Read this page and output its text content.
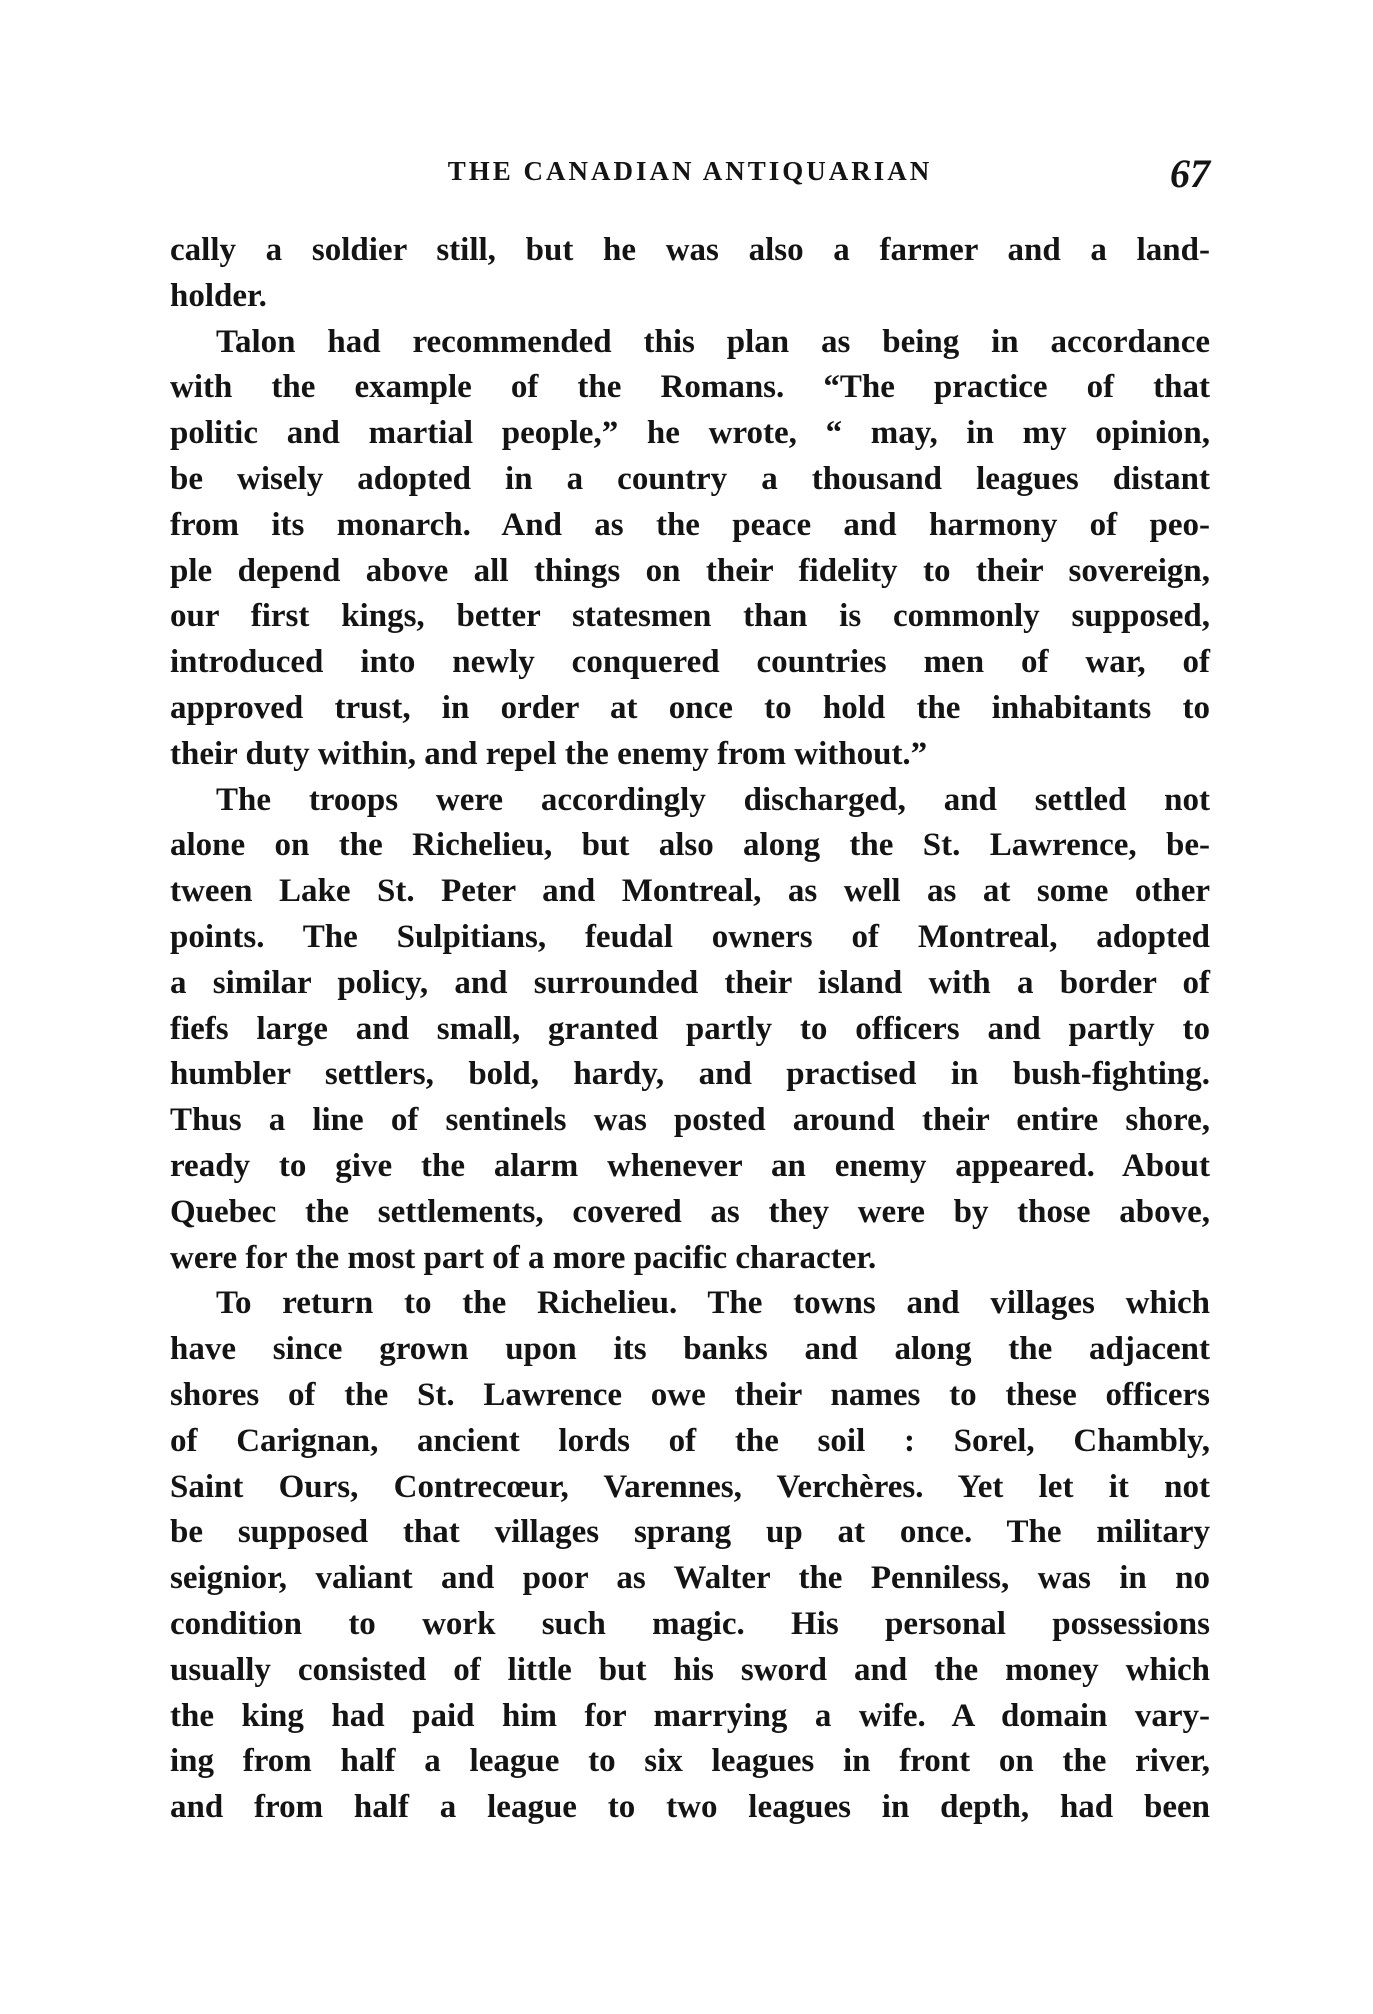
THE CANADIAN ANTIQUARIAN	67
cally a soldier still, but he was also a farmer and a land-
holder.
Talon had recommended this plan as being in accordance
with the example of the Romans. “The practice of that
politic and martial people,” he wrote, “ may, in my opinion,
be wisely adopted in a country a thousand leagues distant
from its monarch. And as the peace and harmony of peo-
ple depend above all things on their fidelity to their sovereign,
our first kings, better statesmen than is commonly supposed,
introduced into newly conquered countries men of war, of
approved trust, in order at once to hold the inhabitants to
their duty within, and repel the enemy from without.”
The troops were accordingly discharged, and settled not
alone on the Richelieu, but also along the St. Lawrence, be-
tween Lake St. Peter and Montreal, as well as at some other
points. The Sulpitians, feudal owners of Montreal, adopted
a similar policy, and surrounded their island with a border of
fiefs large and small, granted partly to officers and partly to
humbler settlers, bold, hardy, and practised in bush-fighting.
Thus a line of sentinels was posted around their entire shore,
ready to give the alarm whenever an enemy appeared. About
Quebec the settlements, covered as they were by those above,
were for the most part of a more pacific character.
To return to the Richelieu. The towns and villages which
have since grown upon its banks and along the adjacent
shores of the St. Lawrence owe their names to these officers
of Carignan, ancient lords of the soil : Sorel, Chambly,
Saint Ours, Contrecœur, Varennes, Verchères. Yet let it not
be supposed that villages sprang up at once. The military
seignior, valiant and poor as Walter the Penniless, was in no
condition to work such magic. His personal possessions
usually consisted of little but his sword and the money which
the king had paid him for marrying a wife. A domain vary-
ing from half a league to six leagues in front on the river,
and from half a league to two leagues in depth, had been
